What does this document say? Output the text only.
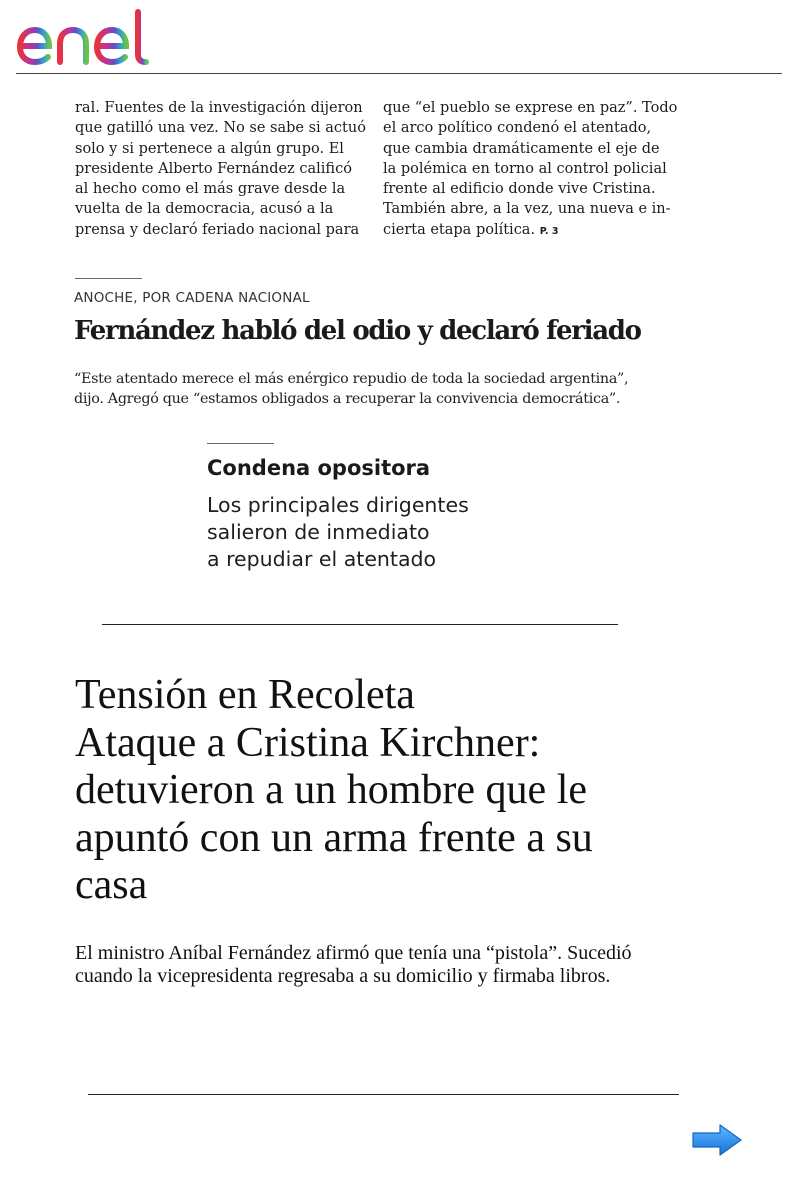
ral. Fuentes de la investigación dijeron
que gatilló una vez. No se sabe si actuó
solo y si pertenece a algún grupo. El
presidente Alberto Fernández calificó
al hecho como el más grave desde la
vuelta de la democracia, acusó a la
prensa y declaró feriado nacional para
que “el pueblo se exprese en paz”. Todo
el arco político condenó el atentado,
que cambia dramáticamente el eje de
la polémica en torno al control policial
frente al edificio donde vive Cristina.
También abre, a la vez, una nueva e in-
cierta etapa política. P. 3
ANOCHE, POR CADENA NACIONAL
Fernández habló del odio y declaró feriado
“Este atentado merece el más enérgico repudio de toda la sociedad argentina”,
dijo. Agregó que “estamos obligados a recuperar la convivencia democrática”.
Condena opositora
Los principales dirigentes
salieron de inmediato
a repudiar el atentado
Tensión en Recoleta
Ataque a Cristina Kirchner:
detuvieron a un hombre que le
apuntó con un arma frente a su
casa
El ministro Aníbal Fernández afirmó que tenía una “pistola”. Sucedió
cuando la vicepresidenta regresaba a su domicilio y firmaba libros.
